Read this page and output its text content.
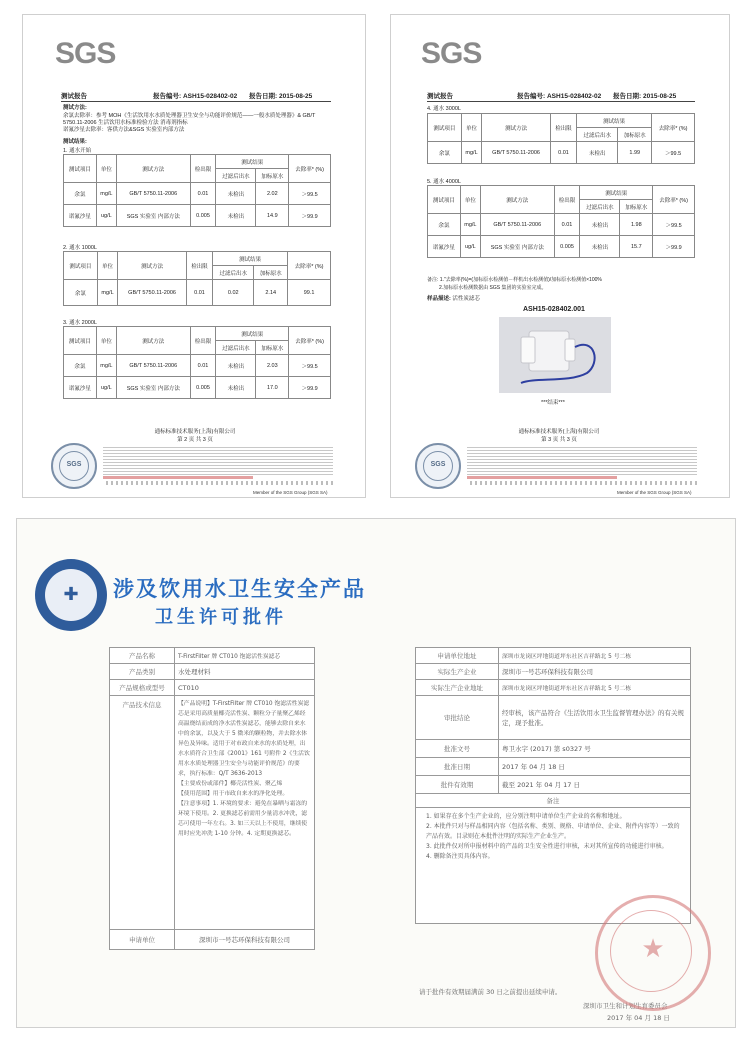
SGS
测试报告	报告编号: ASH15-028402-02 报告日期: 2015-08-25
测试方法:
余氯去除率：参考 MOH《生活饮用水水质处理器卫生安全与功能评价规范——一般水质处理器》& GB/T
5750.11-2006 生活饮用水标准检验方法 消毒剂指标
诺氟沙星去除率：客供方法&SGS 实验室内部方法
测试结果:
1. 通水开始
测试项目	单位	测试方法	检出限	测试结果		去除率* (%)
				过滤后出水	加标原水	
余氯	mg/L	GB/T 5750.11-2006	0.01	未检出	2.02	＞99.5
诺氟沙星	ug/L	SGS 实验室 内部方法	0.005	未检出	14.9	＞99.9
2. 通水 1000L
测试项目	单位	测试方法	检出限	测试结果		去除率* (%)
				过滤后出水	加标原水	
余氯	mg/L	GB/T 5750.11-2006	0.01	0.02	2.14	99.1
3. 通水 2000L
测试项目	单位	测试方法	检出限	测试结果		去除率* (%)
				过滤后出水	加标原水	
余氯	mg/L	GB/T 5750.11-2006	0.01	未检出	2.03	＞99.5
诺氟沙星	ug/L	SGS 实验室 内部方法	0.005	未检出	17.0	＞99.9
通标标准技术服务(上海)有限公司
第 2 页 共 3 页
SGS
Member of the SGS Group (SGS SA)
SGS
测试报告	报告编号: ASH15-028402-02 报告日期: 2015-08-25
4. 通水 3000L
测试项目	单位	测试方法	检出限	测试结果		去除率* (%)
				过滤后出水	加标原水	
余氯	mg/L	GB/T 5750.11-2006	0.01	未检出	1.99	＞99.5
5. 通水 4000L
测试项目	单位	测试方法	检出限	测试结果		去除率* (%)
				过滤后出水	加标原水	
余氯	mg/L	GB/T 5750.11-2006	0.01	未检出	1.98	＞99.5
诺氟沙星	ug/L	SGS 实验室 内部方法	0.005	未检出	15.7	＞99.9
备注: 1."去除率(%)=(加标原水检测值－样机出水检测值)/加标原水检测值×100%
2.加标原水检测数据由 SGS 集团的实验室完成。
样品描述: 活性炭滤芯
ASH15-028402.001
***结束***
通标标准技术服务(上海)有限公司
第 3 页 共 3 页
SGS
Member of the SGS Group (SGS SA)
✚	涉及饮用水卫生安全产品
卫生许可批件
产品名称	T-FirstFilter 牌 CT010 饱滤活性炭滤芯
产品类别	水处理材料
产品规格或型号	CT010
产品技术信息	【产品说明】T-FirstFilter 牌 CT010 饱滤活性炭滤芯是采用高质量椰壳活性炭、颗粒分子量聚乙烯经高温烧结而成的净水活性炭滤芯，能够去除自来水中的余氯，以及大于 5 微米的颗粒物，并去除水体异色及异味。适用于对市政自来水的水质处理，出水水质符合卫生部《2001》161 号附件 2《生活饮用水水质处理器卫生安全与功能评价规范》的要求，执行标准：Q/T 3636-2013
【主要成份或部件】椰壳活性炭、聚乙烯
【使用范围】用于市政自来水的净化处理。
【注意事项】1. 环境的要求：避免在暴晒与霜冻的环境下使用。2. 更换滤芯前需用少量清水冲洗，滤芯可使用一年左右。3. 如三天以上不使用，继续使用时应先冲洗 1-10 分钟。4. 定期更换滤芯。
申请单位	深圳市一号芯环保科技有限公司
申请单位地址	深圳市龙岗区坪地街道坪东社区吉祥路北 5 号二栋
实际生产企业	深圳市一号芯环保科技有限公司
实际生产企业地址	深圳市龙岗区坪地街道坪东社区吉祥路北 5 号二栋
审批结论	经审核，该产品符合《生活饮用水卫生监督管理办法》的有关规定，现予批准。
批准文号	粤卫水字 (2017) 第 s0327 号
批准日期	2017 年 04 月 18 日
批件有效期	截至 2021 年 04 月 17 日
备注	

1. 如果存在多个生产企业的，应分别注明申请单位生产企业的名称和地址。
2. 本批件只对与样品相同内容（包括名称、类别、规格、申请单位、企业、附件内容等）一致的产品有效。目录则在本批件注明的实际生产企业生产。
3. 此批件仅对所申报材料中的产品的卫生安全性进行审核，未对其所宣传的功能进行审核。
4. 删除备注页具体内容。	
请于批件有效期届满前 30 日之前提出延续申请。
深圳市卫生和计划生育委员会
2017 年 04 月 18 日
★
